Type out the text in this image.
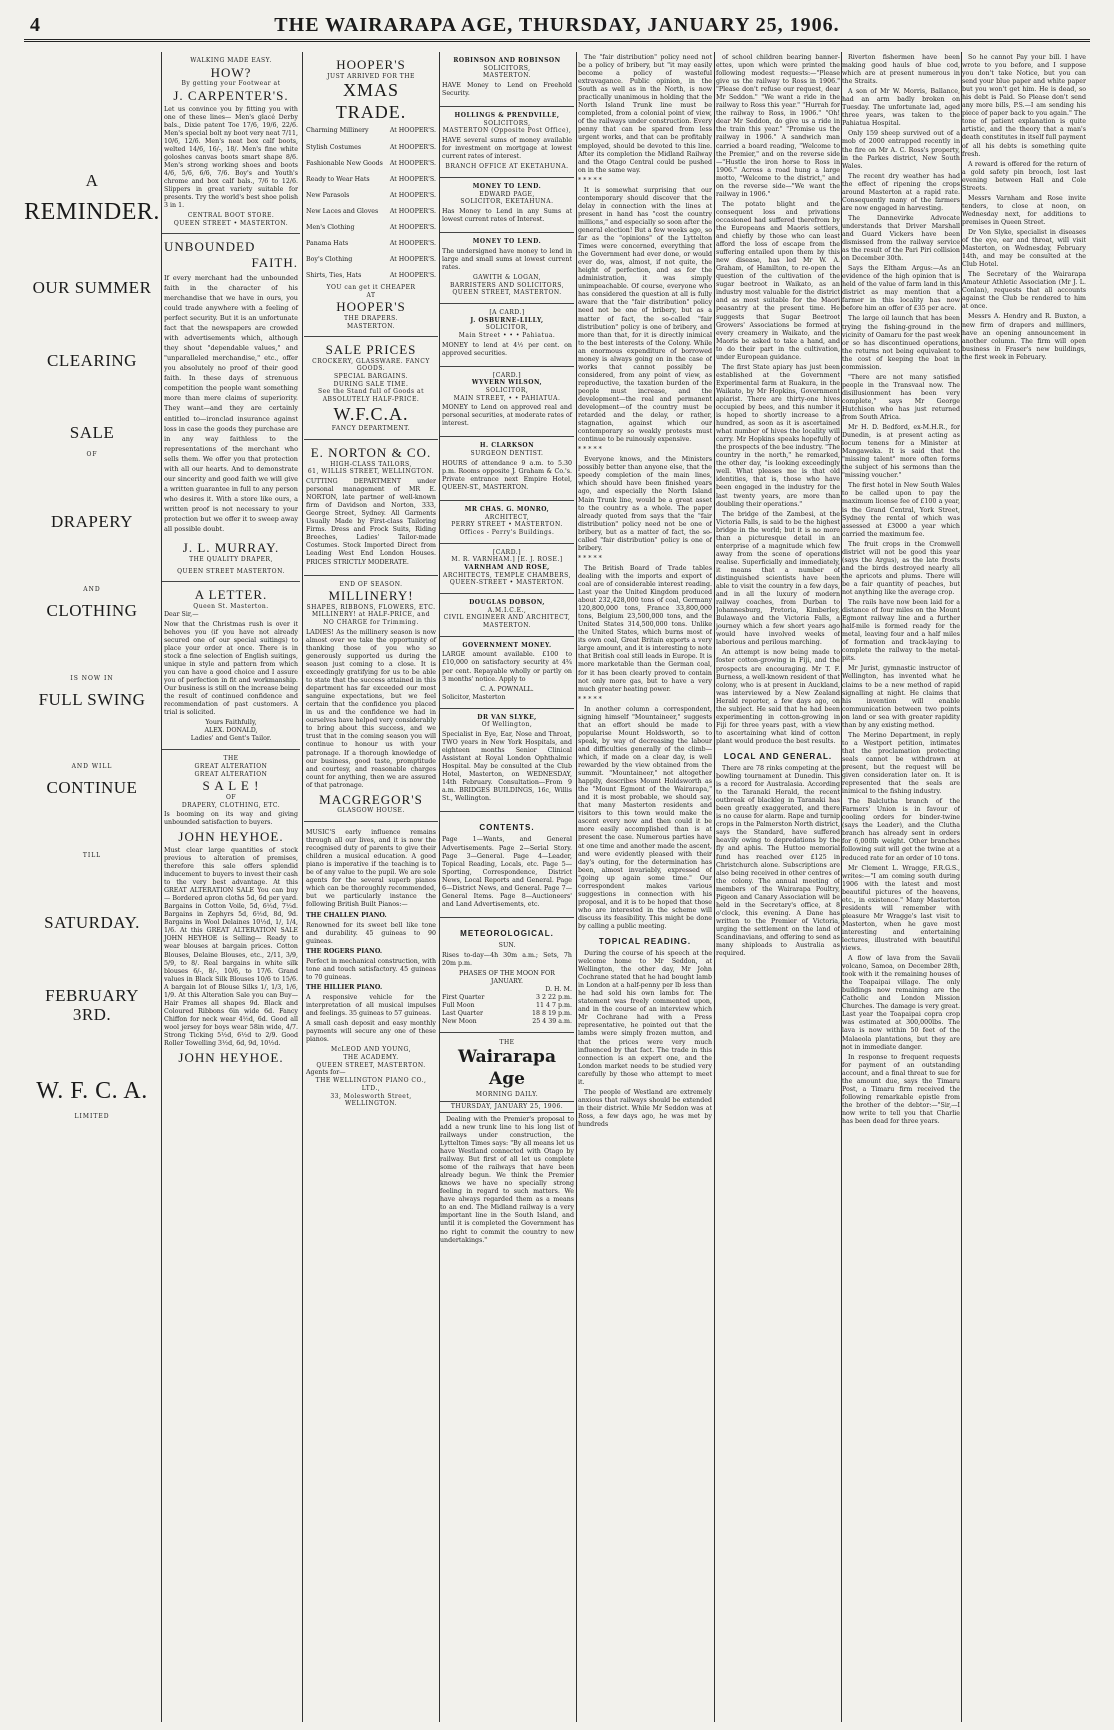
4	THE WAIRARAPA AGE, THURSDAY, JANUARY 25, 1906.
A
REMINDER.
OUR SUMMER
CLEARING
SALE
OF
DRAPERY
AND
CLOTHING
IS NOW IN
FULL SWING
AND WILL
CONTINUE
TILL
SATURDAY.
FEBRUARY 3RD.
W. F. C. A.
LIMITED
WALKING MADE EASY.
HOW?
By getting your Footwear at
J. CARPENTER'S.

Let us convince you by fitting you with one of these lines— Men's glacé Derby bals., Dixie patent Toe 17/6, 19/6, 22/6. Men's special bolt ny boot very neat 7/11, 10/6, 12/6. Men's neat box calf boots, welted 14/6, 16/-, 18/. Men's fine white goloshes canvas boots smart shape 8/6. Men's strong working shoes and boots 4/6, 5/6, 6/6, 7/6. Boy's and Youth's chrome and box calf bals., 7/6 to 12/6. Slippers in great variety suitable for presents. Try the world's best shoe polish 3 in 1.

CENTRAL BOOT STORE.
QUEEN STREET • MASTERTON.
UNBOUNDED
FAITH.

If every merchant had the unbounded faith in the character of his merchandise that we have in ours, you could trade anywhere with a feeling of perfect security. But it is an unfortunate fact that the newspapers are crowded with advertisements which, although they shout "dependable values," and "unparalleled merchandise," etc., offer you absolutely no proof of their good faith. In these days of strenuous competition the people want something more than mere claims of superiority. They want—and they are certainly entitled to—ironclad insurance against loss in case the goods they purchase are in any way faithless to the representations of the merchant who sells them. We offer you that protection with all our hearts. And to demonstrate our sincerity and good faith we will give a written guarantee in full to any person who desires it. With a store like ours, a written proof is not necessary to your protection but we offer it to sweep away all possible doubt.

J. L. MURRAY.
THE QUALITY DRAPER,
QUEEN STREET MASTERTON.
A LETTER.
Queen St. Masterton.
Dear Sir,—

Now that the Christmas rush is over it behoves you (if you have not already secured one of our special suitings) to place your order at once. There is in stock a fine selection of English suitings, unique in style and pattern from which you can have a good choice and I assure you of perfection in fit and workmanship. Our business is still on the increase being the result of continued confidence and recommendation of past customers. A trial is solicited.

Yours Faithfully,
ALEX. DONALD,
Ladies' and Gent's Tailor.
THE
GREAT ALTERATION
GREAT ALTERATION
S A L E !
OF
DRAPERY, CLOTHING, ETC.

Is booming on its way and giving unbounded satisfaction to buyers.

JOHN HEYHOE.

Must clear large quantities of stock previous to alteration of premises, therefore this sale offers splendid inducement to buyers to invest their cash to the very best advantage. At this GREAT ALTERATION SALE You can buy— Bordered apron cloths 5d, 6d per yard. Bargains in Cotton Voile, 5d, 6½d, 7½d. Bargains in Zephyrs 5d, 6½d, 8d, 9d. Bargains in Wool Delaines 10½d, 1/, 1/4, 1/6. At this GREAT ALTERATION SALE JOHN HEYHOE is Selling— Ready to wear blouses at bargain prices. Cotton Blouses, Delaine Blouses, etc., 2/11, 3/9, 5/9, to 8/. Real bargains in white silk blouses 6/-, 8/-, 10/6, to 17/6. Grand values in Black Silk Blouses 10/6 to 15/6. A bargain lot of Blouse Silks 1/, 1/3, 1/6, 1/9. At this Alteration Sale you can Buy— Hair Frames all shapes 9d. Black and Coloured Ribbons 6in wide 6d. Fancy Chiffon for neck wear 4½d, 6d. Good all wool jersey for boys wear 58in wide, 4/7. Strong Ticking 5½d, 6½d to 2/9. Good Roller Towelling 3½d, 6d, 9d, 10½d.

JOHN HEYHOE.
HOOPER'S
JUST ARRIVED FOR THE
XMAS TRADE.
Charming Millinery	At HOOPER'S.
Stylish Costumes	At HOOPER'S.
Fashionable New Goods At HOOPER'S.
Ready to Wear Hats	At HOOPER'S.
New Parasols	At HOOPER'S.
New Laces and Gloves At HOOPER'S.
Men's Clothing	At HOOPER'S.
Panama Hats	At HOOPER'S.
Boy's Clothing	At HOOPER'S.
Shirts, Ties, Hats	At HOOPER'S.
YOU can get it CHEAPER
AT
HOOPER'S
THE DRAPERS.
MASTERTON.
SALE PRICES
CROCKERY, GLASSWARE. FANCY GOODS.
SPECIAL BARGAINS.
DURING SALE TIME.
See the Stand full of Goods at
ABSOLUTELY HALF-PRICE.
W.F.C.A.
FANCY DEPARTMENT.
E. NORTON & CO.
HIGH-CLASS TAILORS,
61, WILLIS STREET, WELLINGTON.

CUTTING DEPARTMENT under personal management of MR E. NORTON, late partner of well-known firm of Davidson and Norton, 333, George Street, Sydney. All Garments Usually Made by First-class Tailoring Firms. Dress and Frock Suits, Riding Breeches, Ladies' Tailor-made Costumes. Stock Imported Direct from Leading West End London Houses. PRICES STRICTLY MODERATE.

END OF SEASON.
MILLINERY!
SHAPES, RIBBONS, FLOWERS, ETC.
MILLINERY! at HALF-PRICE, and NO CHARGE for Trimming.

LADIES! As the millinery season is now almost over we take the opportunity of thanking those of you who so generously supported us during the season just coming to a close. It is exceedingly gratifying for us to be able to state that the success attained in this department has far exceeded our most sanguine expectations, but we feel certain that the confidence you placed in us and the confidence we had in ourselves have helped very considerably to bring about this success, and we trust that in the coming season you will continue to honour us with your patronage. If a thorough knowledge of our business, good taste, promptitude and courtesy, and reasonable charges count for anything, then we are assured of that patronage.

MACGREGOR'S
GLASGOW HOUSE.

MUSIC'S early influence remains through all our lives, and it is now the recognised duty of parents to give their children a musical education. A good piano is imperative if the teaching is to be of any value to the pupil. We are sole agents for the several superb pianos which can be thoroughly recommended, but we particularly instance the following British Built Pianos:—

THE CHALLEN PIANO.

Renowned for its sweet bell like tone and durability. 45 guineas to 90 guineas.

THE ROGERS PIANO.

Perfect in mechanical construction, with tone and touch satisfactory. 45 guineas to 70 guineas.

THE HILLIER PIANO.

A responsive vehicle for the interpretation of all musical impulses and feelings. 35 guineas to 57 guineas.

A small cash deposit and easy monthly payments will secure any one of these pianos.

McLEOD AND YOUNG,
THE ACADEMY.
QUEEN STREET, MASTERTON.
Agents for—
THE WELLINGTON PIANO CO., LTD.,
33, Molesworth Street, WELLINGTON.
ROBINSON AND ROBINSON
SOLICITORS,
MASTERTON.

HAVE Money to Lend on Freehold Security.

HOLLINGS & PRENDVILLE,
SOLICITORS,
MASTERTON (Opposite Post Office),

HAVE several sums of money available for investment on mortgage at lowest current rates of interest.

BRANCH OFFICE AT EKETAHUNA.
MONEY TO LEND.
EDWARD PAGE,
SOLICITOR, EKETAHUNA.

Has Money to Lend in any Sums at lowest current rates of Interest.

MONEY TO LEND.

The undersigned have money to lend in large and small sums at lowest current rates.

GAWITH & LOGAN,
BARRISTERS AND SOLICITORS,
QUEEN STREET, MASTERTON.
[A CARD.]
J. OSBURNE-LILLY,
SOLICITOR,
Main Street • • • Pahiatua.

MONEY to lend at 4½ per cent. on approved securities.

[CARD.]
WYVERN WILSON,
SOLICITOR,
MAIN STREET, • • PAHIATUA.

MONEY to Lend on approved real and personal securities, at moderate rates of interest.

H. CLARKSON
SURGEON DENTIST.

HOURS of attendance 9 a.m. to 5.30 p.m. Rooms opposite J. Graham & Co.'s. Private entrance next Empire Hotel, QUEEN-ST., MASTERTON.

MR CHAS. G. MONRO,
ARCHITECT,
PERRY STREET • MASTERTON.
Offices - Perry's Buildings.
[CARD.]
M. R. VARNHAM.] [E. J. ROSE.]
VARNHAM AND ROSE,
ARCHITECTS, TEMPLE CHAMBERS,
QUEEN-STREET • MASTERTON.
DOUGLAS DOBSON,
A.M.I.C.E.,
CIVIL ENGINEER AND ARCHITECT,
MASTERTON.
GOVERNMENT MONEY.

LARGE amount available. £100 to £10,000 on satisfactory security at 4¾ per cent. Repayable wholly or partly on 3 months' notice. Apply to

C. A. POWNALL.
Solicitor, Masterton
DR VAN SLYKE,
Of Wellington,

Specialist in Eye, Ear, Nose and Throat, TWO years in New York Hospitals, and eighteen months Senior Clinical Assistant at Royal London Ophthalmic Hospital. May be consulted at the Club Hotel, Masterton, on WEDNESDAY, 14th February. Consultation—From 9 a.m. BRIDGES BUILDINGS, 16c, Willis St., Wellington.

CONTENTS.

Page 1—Wants, and General Advertisements. Page 2—Serial Story. Page 3—General. Page 4—Leader, Topical Reading, Locals, etc. Page 5—Sporting, Correspondence, District News, Local Reports and General. Page 6—District News, and General. Page 7—General Items. Page 8—Auctioneers' and Land Advertisements, etc.

METEOROLOGICAL.
SUN.

Rises to-day—4h 30m a.m.; Sets, 7h 20m p.m.

PHASES OF THE MOON FOR JANUARY.
D. H. M.
First Quarter	3 2 22 p.m.
Full Moon	11 4 7 p.m.
Last Quarter	18 8 19 p.m.
New Moon	25 4 39 a.m.
THE
Wairarapa Age
MORNING DAILY.
THURSDAY, JANUARY 25, 1906.

Dealing with the Premier's proposal to add a new trunk line to his long list of railways under construction, the Lyttelton Times says: "By all means let us have Westland connected with Otago by railway. But first of all let us complete some of the railways that have been already begun. We think the Premier knows we have no specially strong feeling in regard to such matters. We have always regarded them as a means to an end. The Midland railway is a very important line in the South Island, and until it is completed the Government has no right to commit the country to new undertakings."

The "fair distribution" policy need not be a policy of bribery, but "it may easily become a policy of wasteful extravagance. Public opinion, in the South as well as in the North, is now practically unanimous in holding that the North Island Trunk line must be completed, from a colonial point of view, of the railways under construction. Every penny that can be spared from less urgent works, and that can be profitably employed, should be devoted to this line. After its completion the Midland Railway and the Otago Central could be pushed on in the same way.

* * * * *

It is somewhat surprising that our contemporary should discover that the delay in connection with the lines at present in hand has "cost the country millions," and especially so soon after the general election! But a few weeks ago, so far as the "opinions" of the Lyttelton Times were concerned, everything that the Government had ever done, or would ever do, was, almost, if not quite, the height of perfection, and as for the administration, it was simply unimpeachable. Of course, everyone who has considered the question at all is fully aware that the "fair distribution" policy need not be one of bribery, but as a matter of fact, the so-called "fair distribution" policy is one of bribery, and more than that, for it is directly inimical to the best interests of the Colony. While an enormous expenditure of borrowed money is always going on in the case of works that cannot possibly be considered, from any point of view, as reproductive, the taxation burden of the people must increase, and the development—the real and permanent development—of the country must be retarded and the delay, or rather, stagnation, against which our contemporary so weakly protests must continue to be ruinously expensive.

* * * * *

Everyone knows, and the Ministers possibly better than anyone else, that the speedy completion of the main lines, which should have been finished years ago, and especially the North Island Main Trunk line, would be a great asset to the country as a whole. The paper already quoted from says that the "fair distribution" policy need not be one of bribery, but as a matter of fact, the so-called "fair distribution" policy is one of bribery.

* * * * *

The British Board of Trade tables dealing with the imports and export of coal are of considerable interest reading. Last year the United Kingdom produced about 232,428,000 tons of coal, Germany 120,800,000 tons, France 33,800,000 tons, Belgium 23,500,000 tons, and the United States 314,500,000 tons. Unlike the United States, which burns most of its own coal, Great Britain exports a very large amount, and it is interesting to note that British coal still leads in Europe. It is more marketable than the German coal, for it has been clearly proved to contain not only more gas, but to have a very much greater heating power.

* * * * *

In another column a correspondent, signing himself "Mountaineer," suggests that an effort should be made to popularise Mount Holdsworth, so to speak, by way of decreasing the labour and difficulties generally of the climb—which, if made on a clear day, is well rewarded by the view obtained from the summit. "Mountaineer," not altogether happily, describes Mount Holdsworth as the "Mount Egmont of the Wairarapa," and it is most probable, we should say, that many Masterton residents and visitors to this town would make the ascent every now and then could it be more easily accomplished than is at present the case. Numerous parties have at one time and another made the ascent, and were evidently pleased with their day's outing, for the determination has been, almost invariably, expressed of "going up again some time." Our correspondent makes various suggestions in connection with his proposal, and it is to be hoped that those who are interested in the scheme will discuss its feasibility. This might be done by calling a public meeting.

TOPICAL READING.

During the course of his speech at the welcome home to Mr Seddon, at Wellington, the other day, Mr John Cochrane stated that he had bought lamb in London at a half-penny per lb less than he had sold his own lambs for. The statement was freely commented upon, and in the course of an interview which Mr Cochrane had with a Press representative, he pointed out that the lambs were simply frozen mutton, and that the prices were very much influenced by that fact. The trade in this connection is an expert one, and the London market needs to be studied very carefully by those who attempt to meet it.

The people of Westland are extremely anxious that railways should be extended in their district. While Mr Seddon was at Ross, a few days ago, he was met by hundreds

of school children bearing banner-ettes, upon which were printed the following modest requests:—"Please give us the railway to Ross in 1906." "Please don't refuse our request, dear Mr Seddon." "We want a ride in the railway to Ross this year." "Hurrah for the railway to Ross, in 1906." "Oh! dear Mr Seddon, do give us a ride in the train this year." "Promise us the railway in 1906." A sandwich man carried a board reading, "Welcome to the Premier," and on the reverse side—"Hustle the iron horse to Ross in 1906." Across a road hung a large motto, "Welcome to the district," and on the reverse side—"We want the railway in 1906."

The potato blight and the consequent loss and privations occasioned had suffered therefrom by the Europeans and Maoris settlers, and chiefly by those who can least afford the loss of escape from the suffering entailed upon them by this new disease, has led Mr W. A. Graham, of Hamilton, to re-open the question of the cultivation of the sugar beetroot in Waikato, as an industry most valuable for the district and as most suitable for the Maori peasantry at the present time. He suggests that Sugar Beetroot Growers' Associations be formed at every creamery in Waikato, and the Maoris be asked to take a hand, and to do their part in the cultivation, under European guidance.

The first State apiary has just been established at the Government Experimental farm at Ruakura, in the Waikato, by Mr Hopkins, Government apiarist. There are thirty-one hives occupied by bees, and this number it is hoped to shortly increase to a hundred, as soon as it is ascertained what number of hives the locality will carry. Mr Hopkins speaks hopefully of the prospects of the bee industry. "The country in the north," he remarked, the other day, "is looking exceedingly well. What pleases me is that old identities, that is, those who have been engaged in the industry for the last twenty years, are more than doubling their operations."

The bridge of the Zambesi, at the Victoria Falls, is said to be the highest bridge in the world; but it is no more than a picturesque detail in an enterprise of a magnitude which few away from the scene of operations realise. Superficially and immediately, it means that a number of distinguished scientists have been able to visit the country in a few days, and in all the luxury of modern railway coaches, from Durban to Johannesburg, Pretoria, Kimberley, Bulawayo and the Victoria Falls, a journey which a few short years ago would have involved weeks of laborious and perilous marching.

An attempt is now being made to foster cotton-growing in Fiji, and the prospects are encouraging. Mr T. F. Burness, a well-known resident of that colony, who is at present in Auckland, was interviewed by a New Zealand Herald reporter, a few days ago, on the subject. He said that he had been experimenting in cotton-growing in Fiji for three years past, with a view to ascertaining what kind of cotton plant would produce the best results.

LOCAL AND GENERAL.

There are 78 rinks competing at the bowling tournament at Dunedin. This is a record for Australasia. According to the Taranaki Herald, the recent outbreak of blackleg in Taranaki has been greatly exaggerated, and there is no cause for alarm. Rape and turnip crops in the Palmerston North district, says the Standard, have suffered heavily owing to depredations by the fly and aphis. The Huttoo memorial fund has reached over £125 in Christchurch alone. Subscriptions are also being received in other centres of the colony. The annual meeting of members of the Wairarapa Poultry, Pigeon and Canary Association will be held in the Secretary's office, at 8 o'clock, this evening. A Dane has written to the Premier of Victoria, urging the settlement on the land of Scandinavians, and offering to send as many shiploads to Australia as required.

Riverton fishermen have been making good hauls of blue cod, which are at present numerous in the Straits.

A son of Mr W. Morris, Ballance, had an arm badly broken on Tuesday. The unfortunate lad, aged three years, was taken to the Pahiatua Hospital.

Only 159 sheep survived out of a mob of 2000 entrapped recently in the fire on Mr A. C. Ross's property, in the Parkes district, New South Wales.

The recent dry weather has had the effect of ripening the crops around Masterton at a rapid rate. Consequently many of the farmers are now engaged in harvesting.

The Dannevirke Advocate understands that Driver Marshall and Guard Vickers have been dismissed from the railway service as the result of the Pari Piri collision on December 30th.

Says the Eltham Argus:—As an evidence of the high opinion that is held of the value of farm land in this district as may mention that a farmer in this locality has now before him an offer of £35 per acre.

The large oil launch that has been trying the fishing-ground in the vicinity of Oamaru for the past week or so has discontinued operations, the returns not being equivalent to the cost of keeping the boat in commission.

"There are not many satisfied people in the Transvaal now. The disillusionment has been very complete," says Mr George Hutchison who has just returned from South Africa.

Mr H. D. Bedford, ex-M.H.R., for Dunedin, is at present acting as locum tenens for a Minister at Mangaweka. It is said that the "missing talent" more often forms the subject of his sermons than the "missing voucher."

The first hotel in New South Wales to be called upon to pay the maximum license fee of £100 a year, is the Grand Central, York Street, Sydney the rental of which was assessed at £3000 a year which carried the maximum fee.

The fruit crops in the Cromwell district will not be good this year (says the Argus), as the late frosts and the birds destroyed nearly all the apricots and plums. There will be a fair quantity of peaches, but not anything like the average crop.

The rails have now been laid for a distance of four miles on the Mount Egmont railway line and a further half-mile is formed ready for the metal, leaving four and a half miles of formation and track-laying to complete the railway to the metal-pits.

Mr Jurist, gymnastic instructor of Wellington, has invented what he claims to be a new method of rapid signalling at night. He claims that his invention will enable communication between two points on land or sea with greater rapidity than by any existing method.

The Merino Department, in reply to a Westport petition, intimates that the proclamation protecting seals cannot be withdrawn at present, but the request will be given consideration later on. It is represented that the seals are inimical to the fishing industry.

The Balclutha branch of the Farmers' Union is in favour of cooling orders for binder-twine (says the Leader), and the Clutha branch has already sent in orders for 6,000lb weight. Other branches following suit will get the twine at a reduced rate for an order of 10 tons.

Mr Clement L. Wragge, F.R.G.S., writes:—"I am coming south during 1906 with the latest and most beautiful pictures of the heavens, etc., in existence." Many Masterton residents will remember with pleasure Mr Wragge's last visit to Masterton, when he gave most interesting and entertaining lectures, illustrated with beautiful views.

A flow of lava from the Savaii volcano, Samoa, on December 28th, took with it the remaining houses of the Toapaipai village. The only buildings now remaining are the Catholic and London Mission Churches. The damage is very great. Last year the Toapaipai copra crop was estimated at 300,000lbs. The lava is now within 50 feet of the Malaeola plantations, but they are not in immediate danger.

In response to frequent requests for payment of an outstanding account, and a final threat to sue for the amount due, says the Timaru Post, a Timaru firm received the following remarkable epistle from the brother of the debtor:—"Sir,—I now write to tell you that Charlie has been dead for three years.

So he cannot Pay your bill. I have wrote to you before, and I suppose you don't take Notice, but you can send your blue paper and white paper but you won't get him. He is dead, so his debt is Paid. So Please don't send any more bills, P.S.—I am sending his piece of paper back to you again." The tone of patient explanation is quite artistic, and the theory that a man's death constitutes in itself full payment of all his debts is something quite fresh.

A reward is offered for the return of a gold safety pin brooch, lost last evening between Hall and Cole Streets.

Messrs Varnham and Rose invite tenders, to close at noon, on Wednesday next, for additions to premises in Queen Street.

Dr Von Slyke, specialist in diseases of the eye, ear and throat, will visit Masterton, on Wednesday, February 14th, and may be consulted at the Club Hotel.

The Secretary of the Wairarapa Amateur Athletic Association (Mr J. L. Conlan), requests that all accounts against the Club be rendered to him at once.

Messrs A. Hendry and R. Buxton, a new firm of drapers and milliners, have an opening announcement in another column. The firm will open business in Fraser's new buildings, the first week in February.
